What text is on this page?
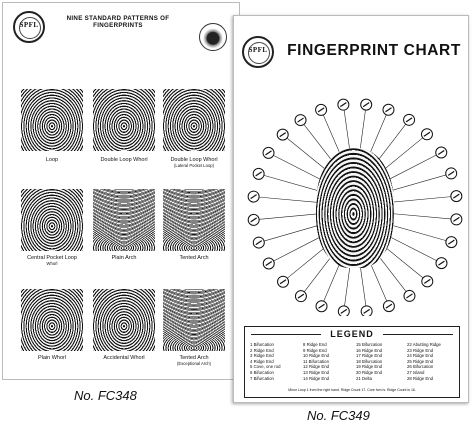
SPFL
NINE STANDARD PATTERNS OF FINGERPRINTS
Loop	Double Loop Whorl	Double Loop Whorl
(Lateral Pocket Loop)
Central Pocket Loop
Whorl
Plain Arch	Tented Arch
Plain Whorl	Accidental Whorl	Tented Arch
(Exceptional Arch)
SPFL FINGERPRINT CHART
LEGEND
1 Bifurcation
2 Ridge End
3 Ridge End
4 Ridge End
5 Cove, one rod
6 Bifurcation
7 Bifurcation
8 Ridge End
9 Ridge End
10 Ridge End
11 Bifurcation
12 Ridge End
13 Ridge End
14 Ridge End
15 Bifurcation
16 Ridge End
17 Ridge End
18 Bifurcation
19 Ridge End
20 Ridge End
21 Delta
22 Abutting Ridge
23 Ridge End
24 Ridge End
25 Ridge End
26 Bifurcation
27 Island
28 Ridge End
Minor Loop 1 from the right hand. Ridge Count 17. Core fom is. Ridge Count is 16.
No. FC348
No. FC349
